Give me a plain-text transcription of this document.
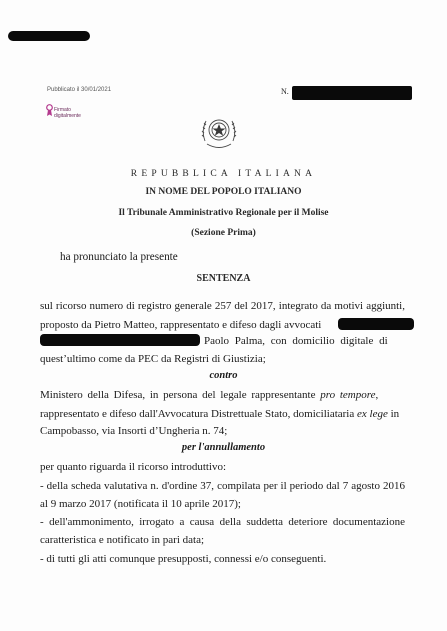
Pubblicato il 30/01/2021	N.
Firmato
digitalmente
REPUBBLICA ITALIANA
IN NOME DEL POPOLO ITALIANO
Il Tribunale Amministrativo Regionale per il Molise
(Sezione Prima)
ha pronunciato la presente
SENTENZA
sul ricorso numero di registro generale 257 del 2017, integrato da motivi aggiunti,
proposto da Pietro Matteo, rappresentato e difeso dagli avvocati
Paolo Palma, con domicilio digitale di
quest’ultimo come da PEC da Registri di Giustizia;
contro
Ministero della Difesa, in persona del legale rappresentante pro tempore,
rappresentato e difeso dall'Avvocatura Distrettuale Stato, domiciliataria ex lege in
Campobasso, via Insorti d’Ungheria n. 74;
per l'annullamento
per quanto riguarda il ricorso introduttivo:
- della scheda valutativa n. d'ordine 37, compilata per il periodo dal 7 agosto 2016
al 9 marzo 2017 (notificata il 10 aprile 2017);
- dell'ammonimento, irrogato a causa della suddetta deteriore documentazione
caratteristica e notificato in pari data;
- di tutti gli atti comunque presupposti, connessi e/o conseguenti.
